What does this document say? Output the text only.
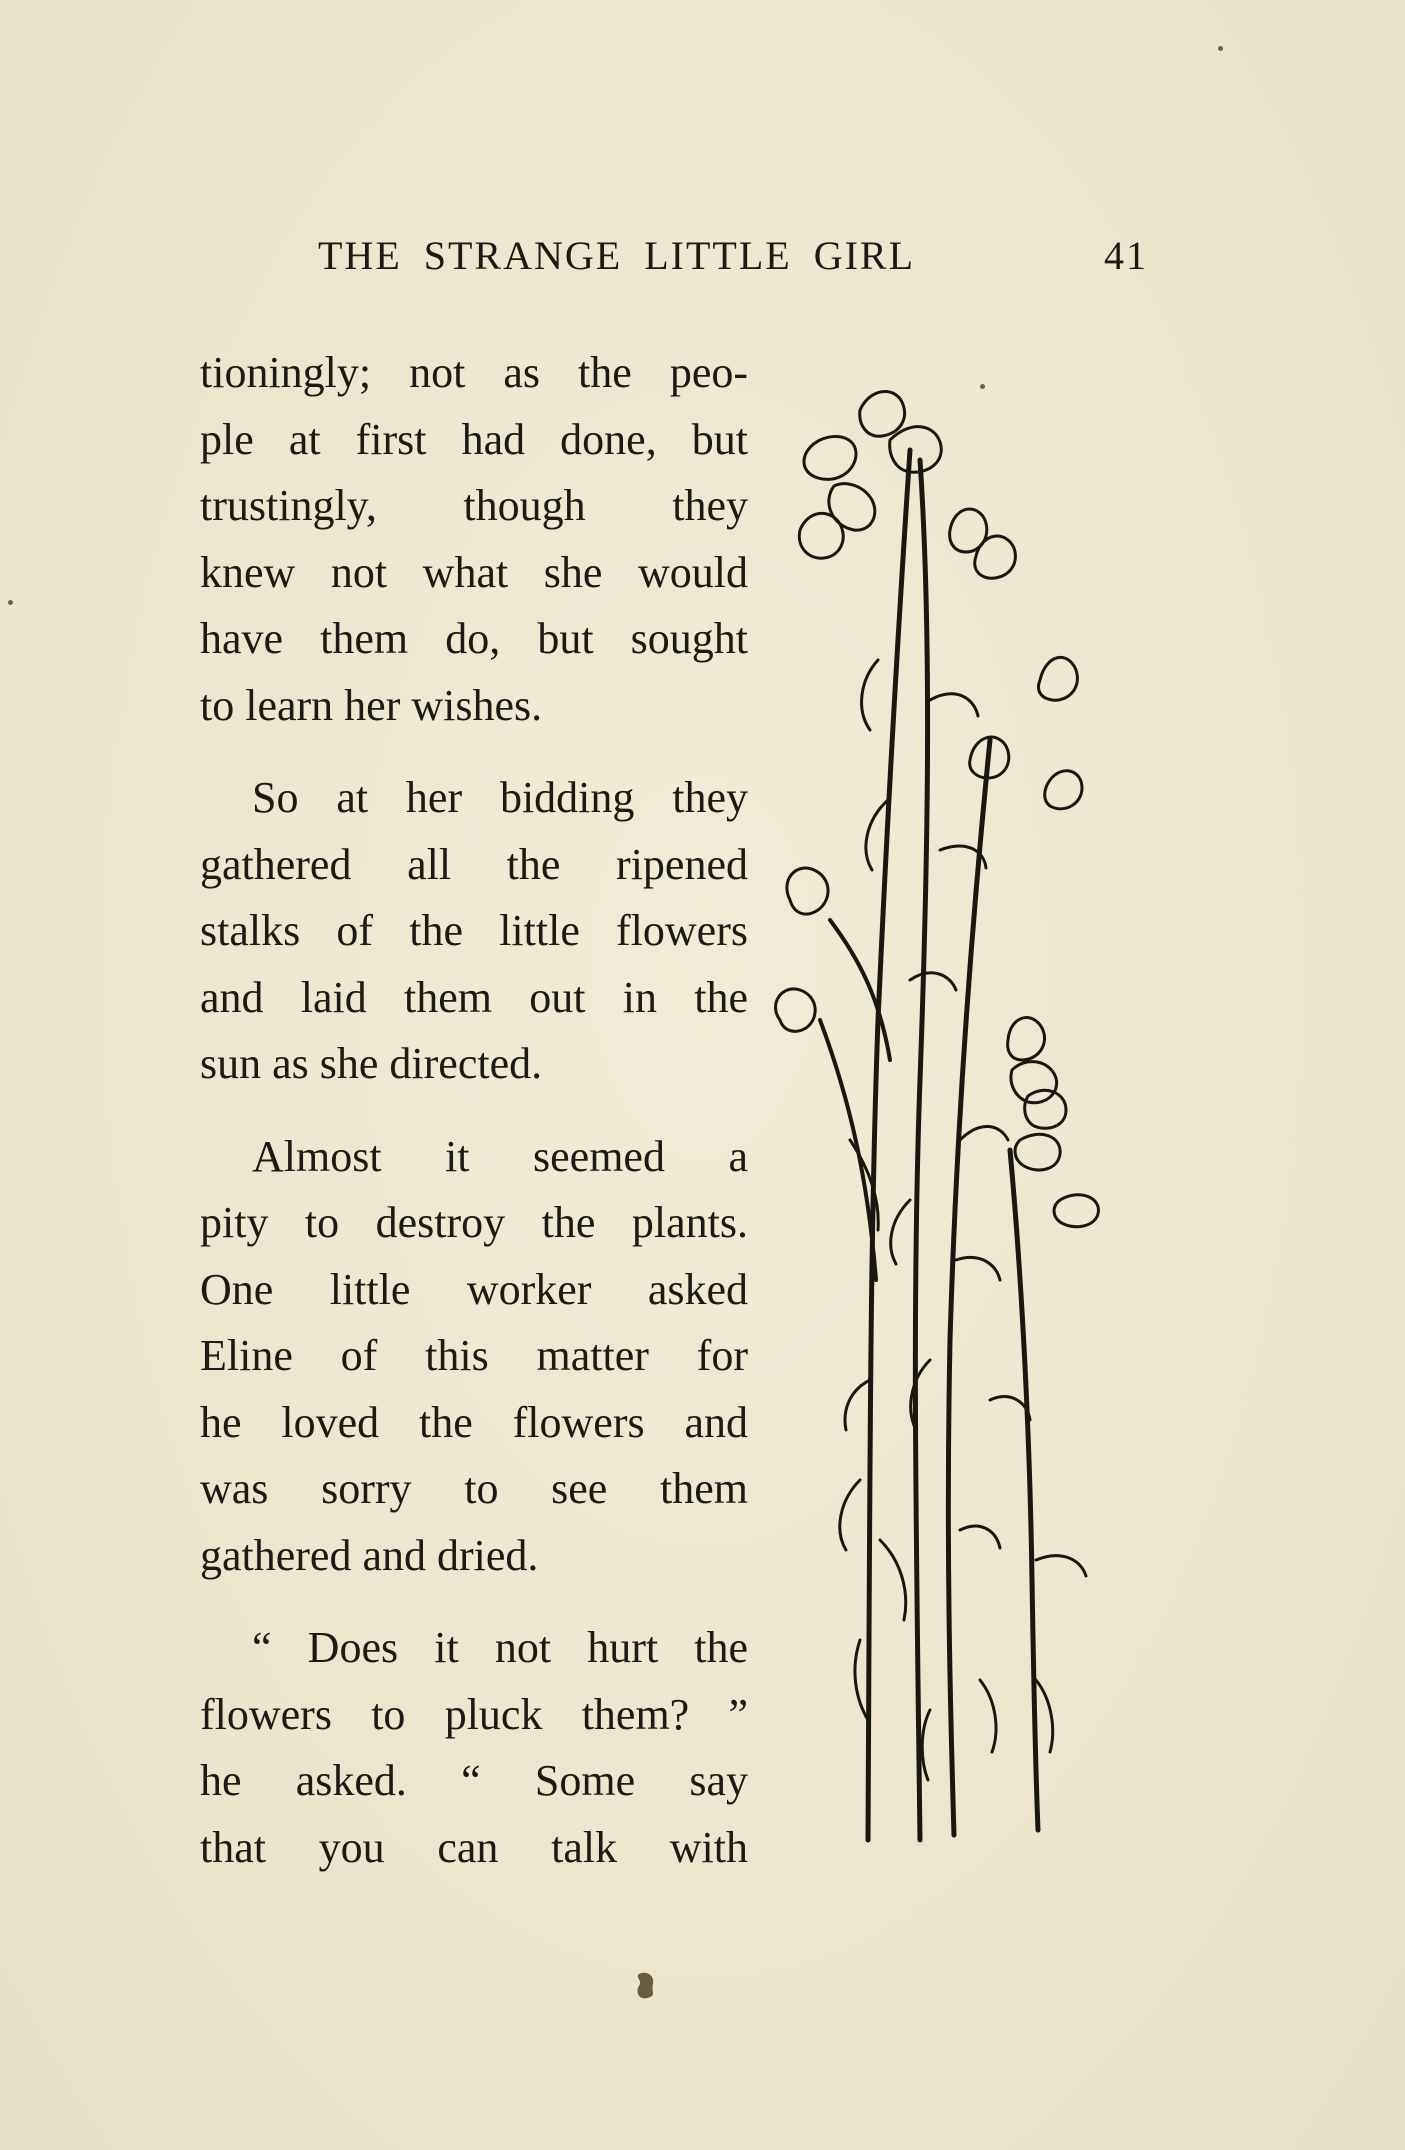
THE STRANGE LITTLE GIRL	41

tioningly; not as the peo-
ple at first had done, but
trustingly, though they
knew not what she would
have them do, but sought
to learn her wishes.

So at her bidding they
gathered all the ripened
stalks of the little flowers
and laid them out in the
sun as she directed.

Almost it seemed a
pity to destroy the plants.
One little worker asked
Eline of this matter for
he loved the flowers and
was sorry to see them
gathered and dried.

“ Does it not hurt the
flowers to pluck them? ”
he asked. “ Some say
that you can talk with
